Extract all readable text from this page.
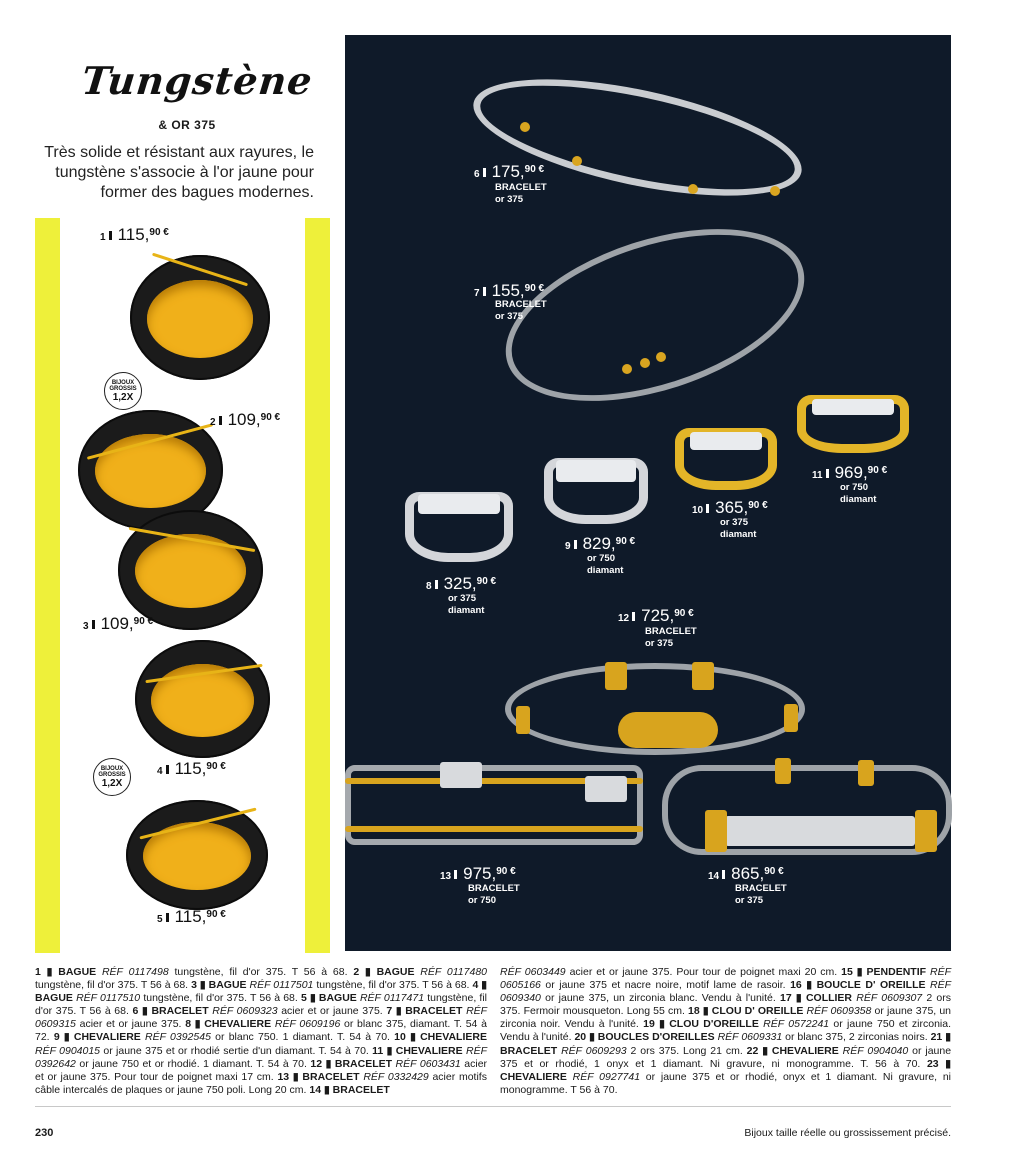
Tungstène
& OR 375
Très solide et résistant aux rayures, le tungstène s'associe à l'or jaune pour former des bagues modernes.
BIJOUX GROSSIS
1,2X
BIJOUX GROSSIS
1,2X
1 115, 90 €
2 109, 90 €
3 109, 90 €
4 115, 90 €
5 115, 90 €
6 175, 90 €
BRACELET
or 375
7 155, 90 €
BRACELET
or 375
8 325, 90 €
or 375
diamant
9 829, 90 €
or 750
diamant
10 365, 90 €
or 375
diamant
11 969, 90 €
or 750
diamant
12 725, 90 €
BRACELET
or 375
13 975, 90 €
BRACELET
or 750
14 865, 90 €
BRACELET
or 375
1 ▮ BAGUE RÉF 0117498 tungstène, fil d'or 375. T 56 à 68. 2 ▮ BAGUE RÉF 0117480 tungstène, fil d'or 375. T 56 à 68. 3 ▮ BAGUE RÉF 0117501 tungstène, fil d'or 375. T 56 à 68. 4 ▮ BAGUE RÉF 0117510 tungstène, fil d'or 375. T 56 à 68. 5 ▮ BAGUE RÉF 0117471 tungstène, fil d'or 375. T 56 à 68. 6 ▮ BRACELET RÉF 0609323 acier et or jaune 375. 7 ▮ BRACELET RÉF 0609315 acier et or jaune 375. 8 ▮ CHEVALIERE RÉF 0609196 or blanc 375, diamant. T. 54 à 72. 9 ▮ CHEVALIERE RÉF 0392545 or blanc 750. 1 diamant. T. 54 à 70. 10 ▮ CHEVALIERE RÉF 0904015 or jaune 375 et or rhodié sertie d'un diamant. T. 54 à 70. 11 ▮ CHEVALIERE RÉF 0392642 or jaune 750 et or rhodié. 1 diamant. T. 54 à 70. 12 ▮ BRACELET RÉF 0603431 acier et or jaune 375. Pour tour de poignet maxi 17 cm. 13 ▮ BRACELET RÉF 0332429 acier motifs câble intercalés de plaques or jaune 750 poli. Long 20 cm. 14 ▮ BRACELET
RÉF 0603449 acier et or jaune 375. Pour tour de poignet maxi 20 cm. 15 ▮ PENDENTIF RÉF 0605166 or jaune 375 et nacre noire, motif lame de rasoir. 16 ▮ BOUCLE D' OREILLE RÉF 0609340 or jaune 375, un zirconia blanc. Vendu à l'unité. 17 ▮ COLLIER RÉF 0609307 2 ors 375. Fermoir mousqueton. Long 55 cm. 18 ▮ CLOU D' OREILLE RÉF 0609358 or jaune 375, un zirconia noir. Vendu à l'unité. 19 ▮ CLOU D'OREILLE RÉF 0572241 or jaune 750 et zirconia. Vendu à l'unité. 20 ▮ BOUCLES D'OREILLES RÉF 0609331 or blanc 375, 2 zirconias noirs. 21 ▮ BRACELET RÉF 0609293 2 ors 375. Long 21 cm. 22 ▮ CHEVALIERE RÉF 0904040 or jaune 375 et or rhodié, 1 onyx et 1 diamant. Ni gravure, ni monogramme. T. 56 à 70. 23 ▮ CHEVALIERE RÉF 0927741 or jaune 375 et or rhodié, onyx et 1 diamant. Ni gravure, ni monogramme. T 56 à 70.
230	Bijoux taille réelle ou grossissement précisé.
